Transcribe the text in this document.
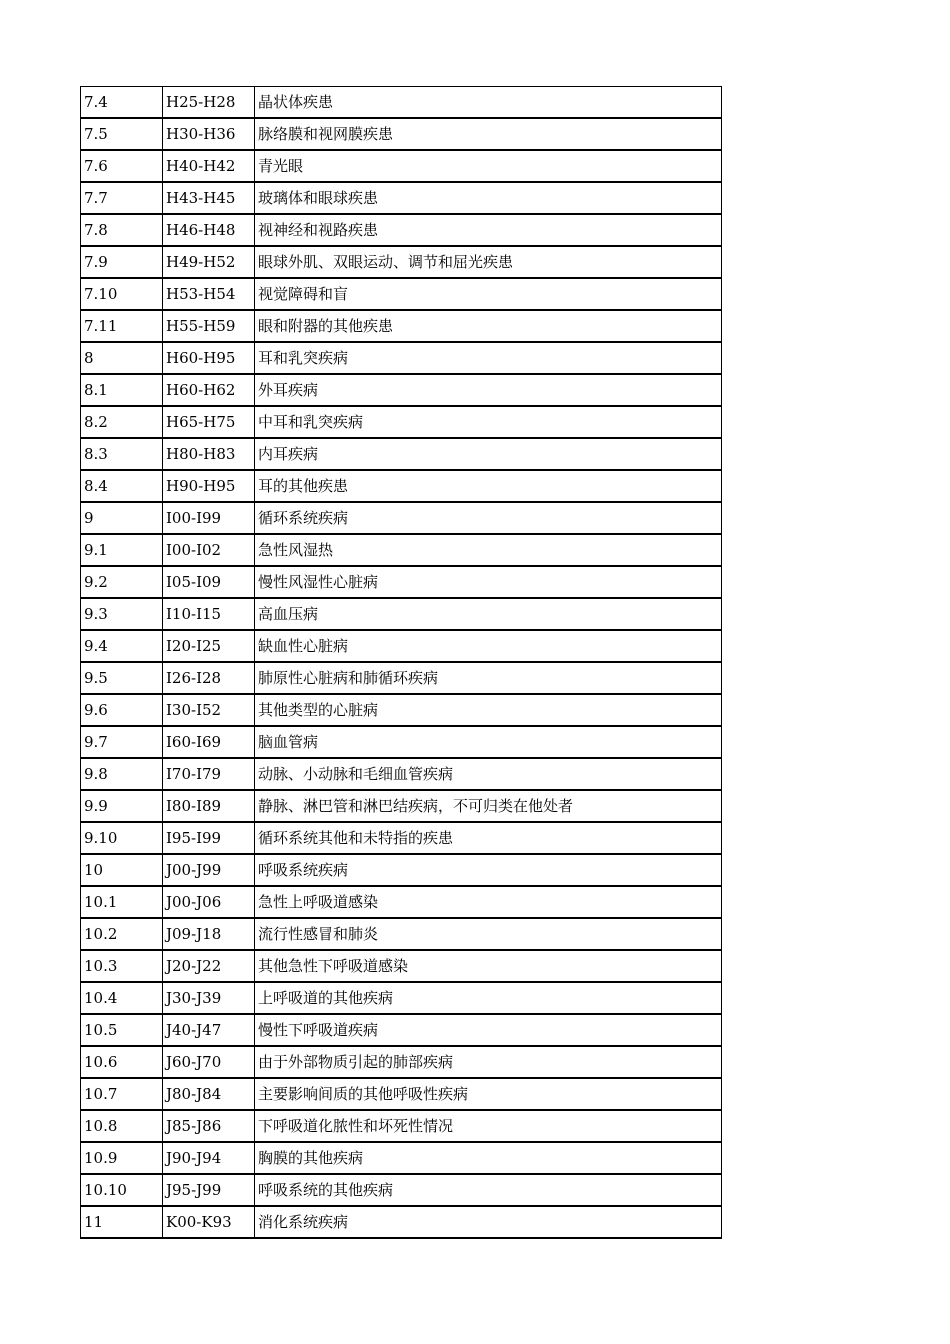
7.4	H25-H28	晶状体疾患
7.5	H30-H36	脉络膜和视网膜疾患
7.6	H40-H42	青光眼
7.7	H43-H45	玻璃体和眼球疾患
7.8	H46-H48	视神经和视路疾患
7.9	H49-H52	眼球外肌、双眼运动、调节和屈光疾患
7.10	H53-H54	视觉障碍和盲
7.11	H55-H59	眼和附器的其他疾患
8	H60-H95	耳和乳突疾病
8.1	H60-H62	外耳疾病
8.2	H65-H75	中耳和乳突疾病
8.3	H80-H83	内耳疾病
8.4	H90-H95	耳的其他疾患
9	I00-I99	循环系统疾病
9.1	I00-I02	急性风湿热
9.2	I05-I09	慢性风湿性心脏病
9.3	I10-I15	高血压病
9.4	I20-I25	缺血性心脏病
9.5	I26-I28	肺原性心脏病和肺循环疾病
9.6	I30-I52	其他类型的心脏病
9.7	I60-I69	脑血管病
9.8	I70-I79	动脉、小动脉和毛细血管疾病
9.9	I80-I89	静脉、淋巴管和淋巴结疾病，不可归类在他处者
9.10	I95-I99	循环系统其他和未特指的疾患
10	J00-J99	呼吸系统疾病
10.1	J00-J06	急性上呼吸道感染
10.2	J09-J18	流行性感冒和肺炎
10.3	J20-J22	其他急性下呼吸道感染
10.4	J30-J39	上呼吸道的其他疾病
10.5	J40-J47	慢性下呼吸道疾病
10.6	J60-J70	由于外部物质引起的肺部疾病
10.7	J80-J84	主要影响间质的其他呼吸性疾病
10.8	J85-J86	下呼吸道化脓性和坏死性情况
10.9	J90-J94	胸膜的其他疾病
10.10	J95-J99	呼吸系统的其他疾病
11	K00-K93	消化系统疾病
